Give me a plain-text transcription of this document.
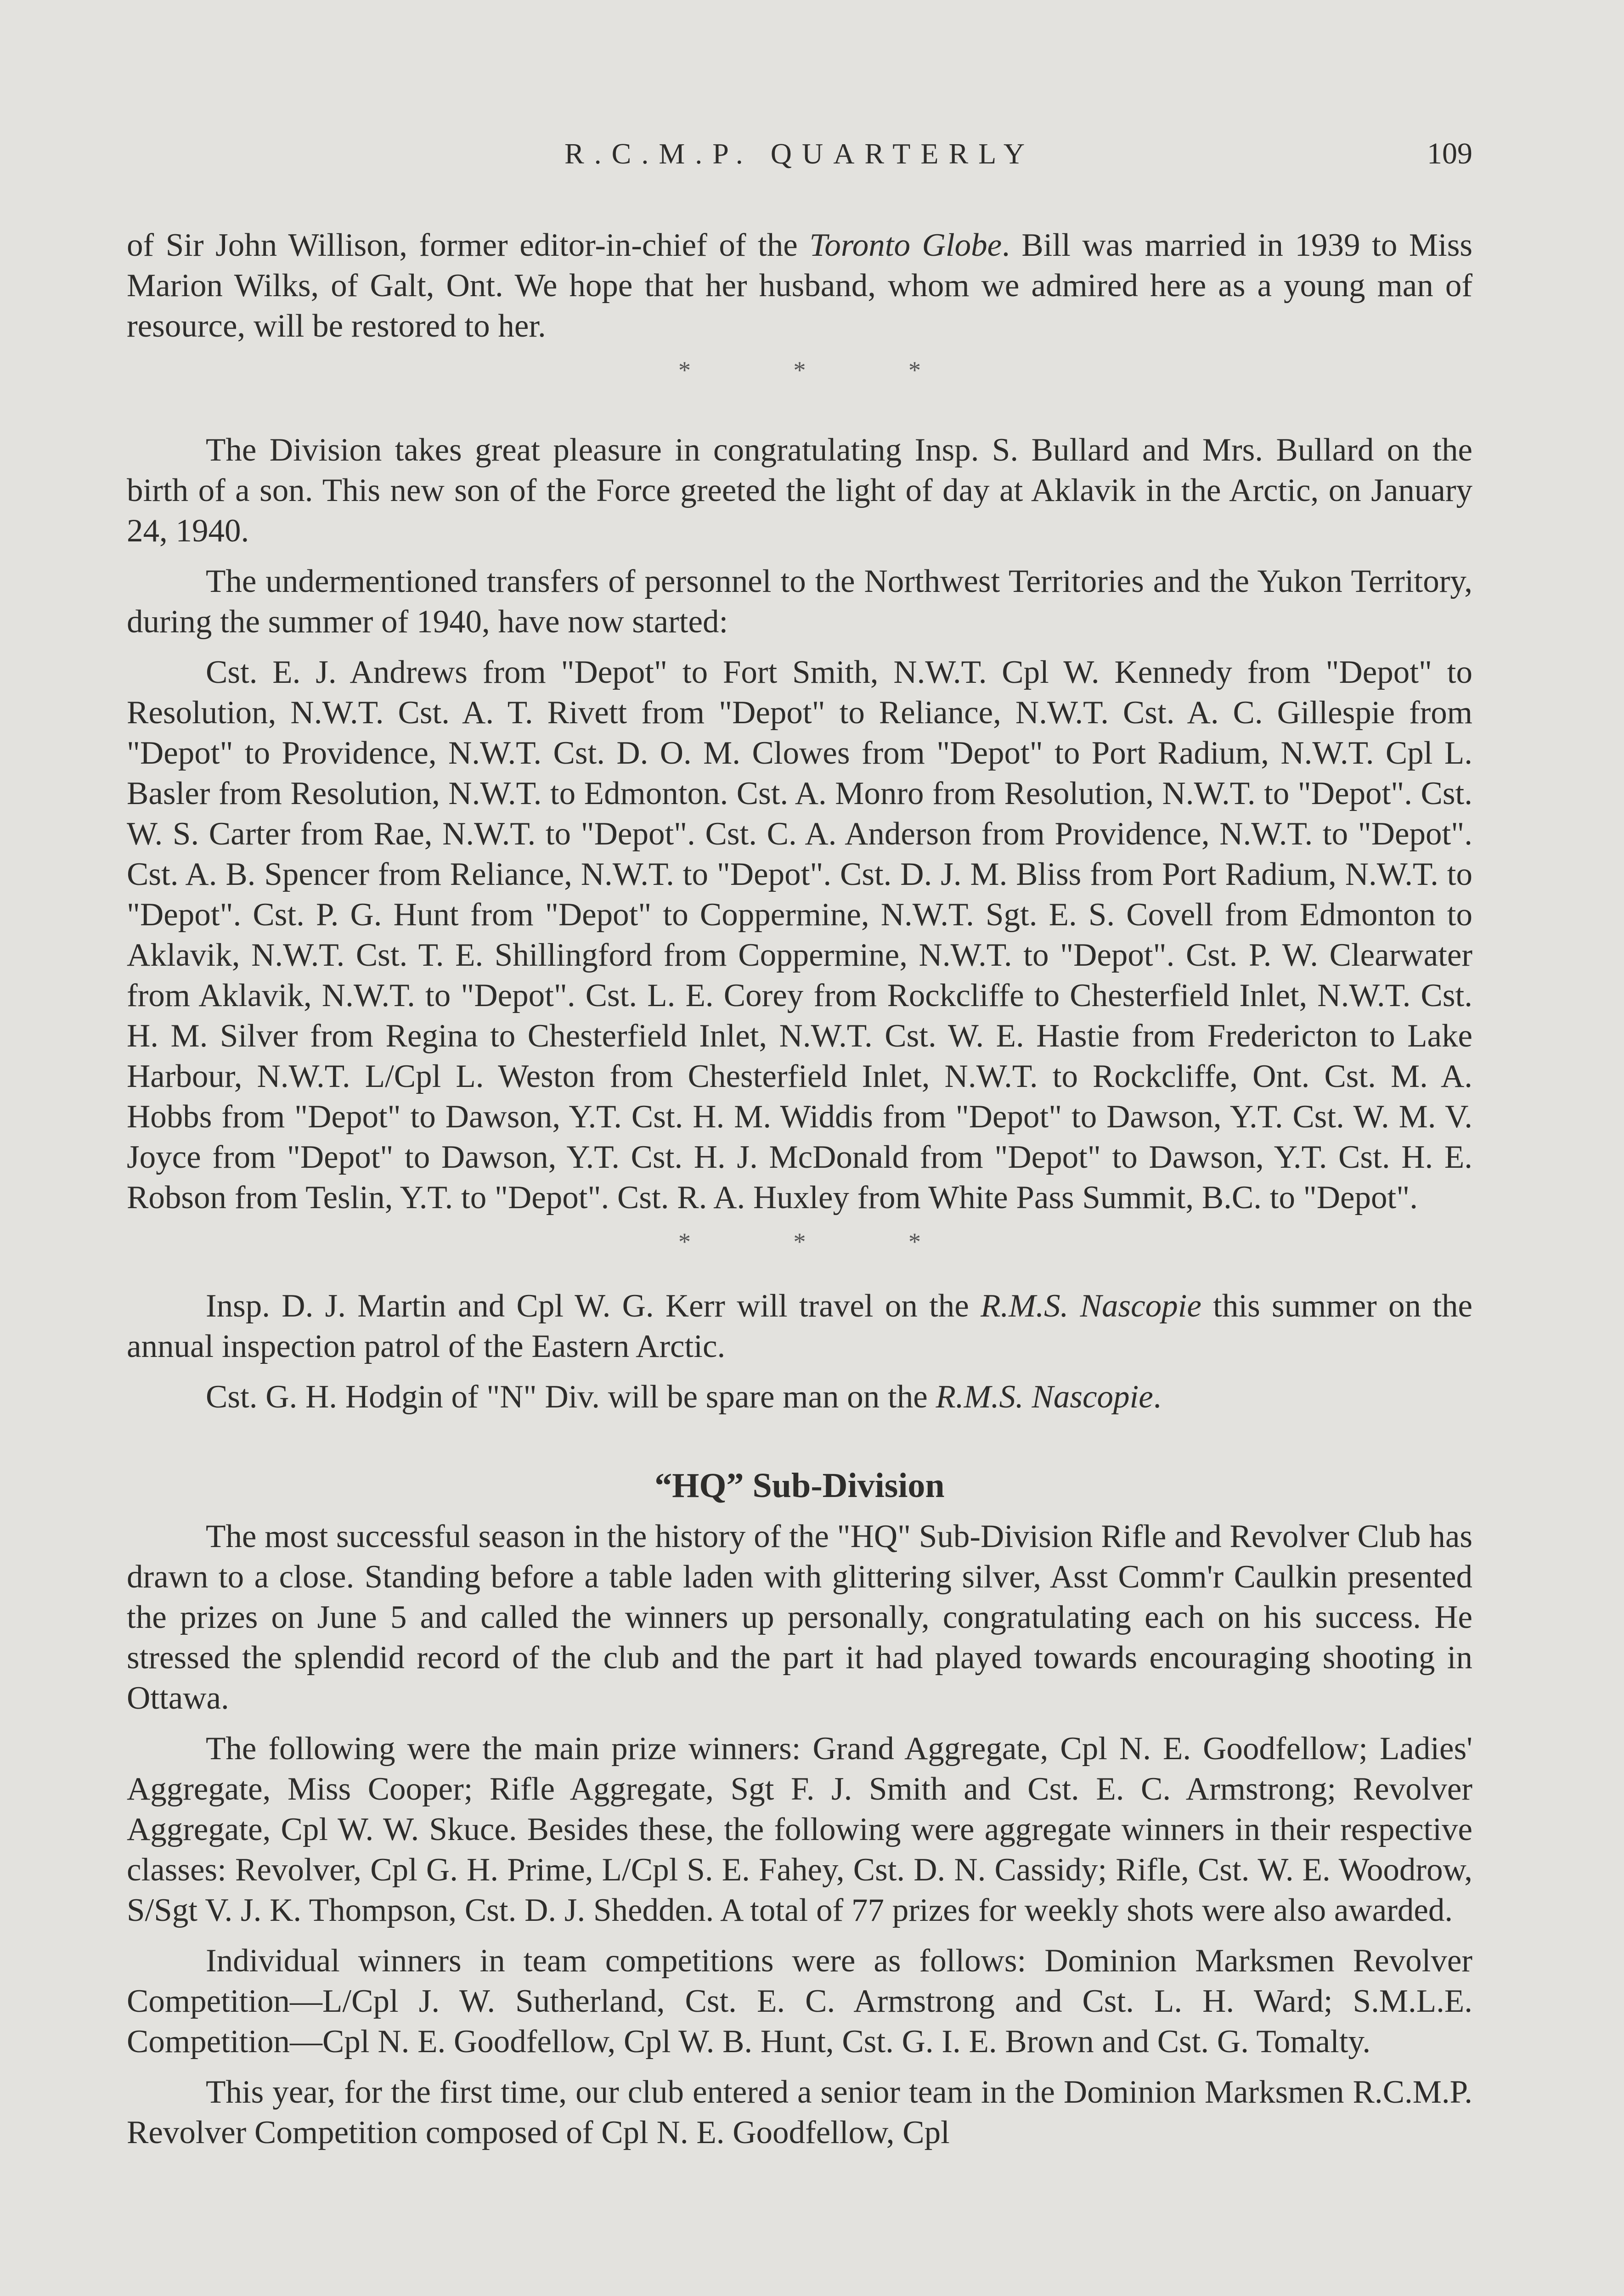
R.C.M.P. QUARTERLY	109

of Sir John Willison, former editor-in-chief of the Toronto Globe. Bill was married in 1939 to Miss Marion Wilks, of Galt, Ont. We hope that her husband, whom we admired here as a young man of resource, will be restored to her.

* * *

The Division takes great pleasure in congratulating Insp. S. Bullard and Mrs. Bullard on the birth of a son. This new son of the Force greeted the light of day at Aklavik in the Arctic, on January 24, 1940.

The undermentioned transfers of personnel to the Northwest Territories and the Yukon Territory, during the summer of 1940, have now started:

Cst. E. J. Andrews from "Depot" to Fort Smith, N.W.T. Cpl W. Kennedy from "Depot" to Resolution, N.W.T. Cst. A. T. Rivett from "Depot" to Reliance, N.W.T. Cst. A. C. Gillespie from "Depot" to Providence, N.W.T. Cst. D. O. M. Clowes from "Depot" to Port Radium, N.W.T. Cpl L. Basler from Resolution, N.W.T. to Edmonton. Cst. A. Monro from Resolution, N.W.T. to "Depot". Cst. W. S. Carter from Rae, N.W.T. to "Depot". Cst. C. A. Anderson from Providence, N.W.T. to "Depot". Cst. A. B. Spencer from Reliance, N.W.T. to "Depot". Cst. D. J. M. Bliss from Port Radium, N.W.T. to "Depot". Cst. P. G. Hunt from "Depot" to Coppermine, N.W.T. Sgt. E. S. Covell from Edmonton to Aklavik, N.W.T. Cst. T. E. Shillingford from Coppermine, N.W.T. to "Depot". Cst. P. W. Clearwater from Aklavik, N.W.T. to "Depot". Cst. L. E. Corey from Rockcliffe to Chesterfield Inlet, N.W.T. Cst. H. M. Silver from Regina to Chesterfield Inlet, N.W.T. Cst. W. E. Hastie from Fredericton to Lake Harbour, N.W.T. L/Cpl L. Weston from Chesterfield Inlet, N.W.T. to Rockcliffe, Ont. Cst. M. A. Hobbs from "Depot" to Dawson, Y.T. Cst. H. M. Widdis from "Depot" to Dawson, Y.T. Cst. W. M. V. Joyce from "Depot" to Dawson, Y.T. Cst. H. J. McDonald from "Depot" to Dawson, Y.T. Cst. H. E. Robson from Teslin, Y.T. to "Depot". Cst. R. A. Huxley from White Pass Summit, B.C. to "Depot".

* * *

Insp. D. J. Martin and Cpl W. G. Kerr will travel on the R.M.S. Nascopie this summer on the annual inspection patrol of the Eastern Arctic.

Cst. G. H. Hodgin of "N" Div. will be spare man on the R.M.S. Nascopie.

“HQ” Sub-Division

The most successful season in the history of the "HQ" Sub-Division Rifle and Revolver Club has drawn to a close. Standing before a table laden with glittering silver, Asst Comm'r Caulkin presented the prizes on June 5 and called the winners up personally, congratulating each on his success. He stressed the splendid record of the club and the part it had played towards encouraging shooting in Ottawa.

The following were the main prize winners: Grand Aggregate, Cpl N. E. Goodfellow; Ladies' Aggregate, Miss Cooper; Rifle Aggregate, Sgt F. J. Smith and Cst. E. C. Armstrong; Revolver Aggregate, Cpl W. W. Skuce. Besides these, the following were aggregate winners in their respective classes: Revolver, Cpl G. H. Prime, L/Cpl S. E. Fahey, Cst. D. N. Cassidy; Rifle, Cst. W. E. Woodrow, S/Sgt V. J. K. Thompson, Cst. D. J. Shedden. A total of 77 prizes for weekly shots were also awarded.

Individual winners in team competitions were as follows: Dominion Marksmen Revolver Competition—L/Cpl J. W. Sutherland, Cst. E. C. Armstrong and Cst. L. H. Ward; S.M.L.E. Competition—Cpl N. E. Goodfellow, Cpl W. B. Hunt, Cst. G. I. E. Brown and Cst. G. Tomalty.

This year, for the first time, our club entered a senior team in the Dominion Marksmen R.C.M.P. Revolver Competition composed of Cpl N. E. Goodfellow, Cpl
